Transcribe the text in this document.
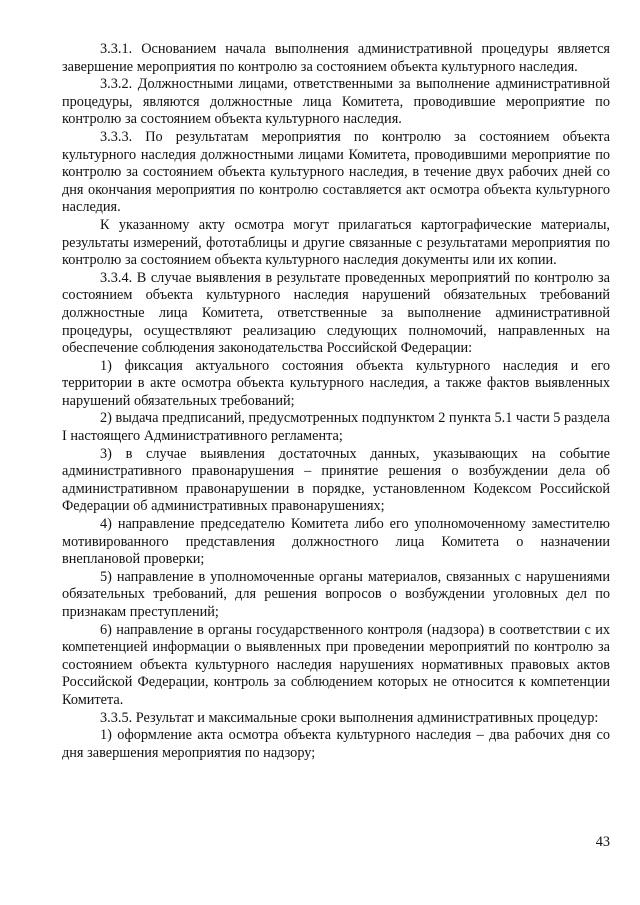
3.3.1. Основанием начала выполнения административной процедуры является завершение мероприятия по контролю за состоянием объекта культурного наследия.

3.3.2. Должностными лицами, ответственными за выполнение административной процедуры, являются должностные лица Комитета, проводившие мероприятие по контролю за состоянием объекта культурного наследия.

3.3.3. По результатам мероприятия по контролю за состоянием объекта культурного наследия должностными лицами Комитета, проводившими мероприятие по контролю за состоянием объекта культурного наследия, в течение двух рабочих дней со дня окончания мероприятия по контролю составляется акт осмотра объекта культурного наследия.

К указанному акту осмотра могут прилагаться картографические материалы, результаты измерений, фототаблицы и другие связанные с результатами мероприятия по контролю за состоянием объекта культурного наследия документы или их копии.

3.3.4. В случае выявления в результате проведенных мероприятий по контролю за состоянием объекта культурного наследия нарушений обязательных требований должностные лица Комитета, ответственные за выполнение административной процедуры, осуществляют реализацию следующих полномочий, направленных на обеспечение соблюдения законодательства Российской Федерации:

1) фиксация актуального состояния объекта культурного наследия и его территории в акте осмотра объекта культурного наследия, а также фактов выявленных нарушений обязательных требований;

2) выдача предписаний, предусмотренных подпунктом 2 пункта 5.1 части 5 раздела I настоящего Административного регламента;

3) в случае выявления достаточных данных, указывающих на событие административного правонарушения – принятие решения о возбуждении дела об административном правонарушении в порядке, установленном Кодексом Российской Федерации об административных правонарушениях;

4) направление председателю Комитета либо его уполномоченному заместителю мотивированного представления должностного лица Комитета о назначении внеплановой проверки;

5) направление в уполномоченные органы материалов, связанных с нарушениями обязательных требований, для решения вопросов о возбуждении уголовных дел по признакам преступлений;

6) направление в органы государственного контроля (надзора) в соответствии с их компетенцией информации о выявленных при проведении мероприятий по контролю за состоянием объекта культурного наследия нарушениях нормативных правовых актов Российской Федерации, контроль за соблюдением которых не относится к компетенции Комитета.

3.3.5. Результат и максимальные сроки выполнения административных процедур:

1) оформление акта осмотра объекта культурного наследия – два рабочих дня со дня завершения мероприятия по надзору;

43
